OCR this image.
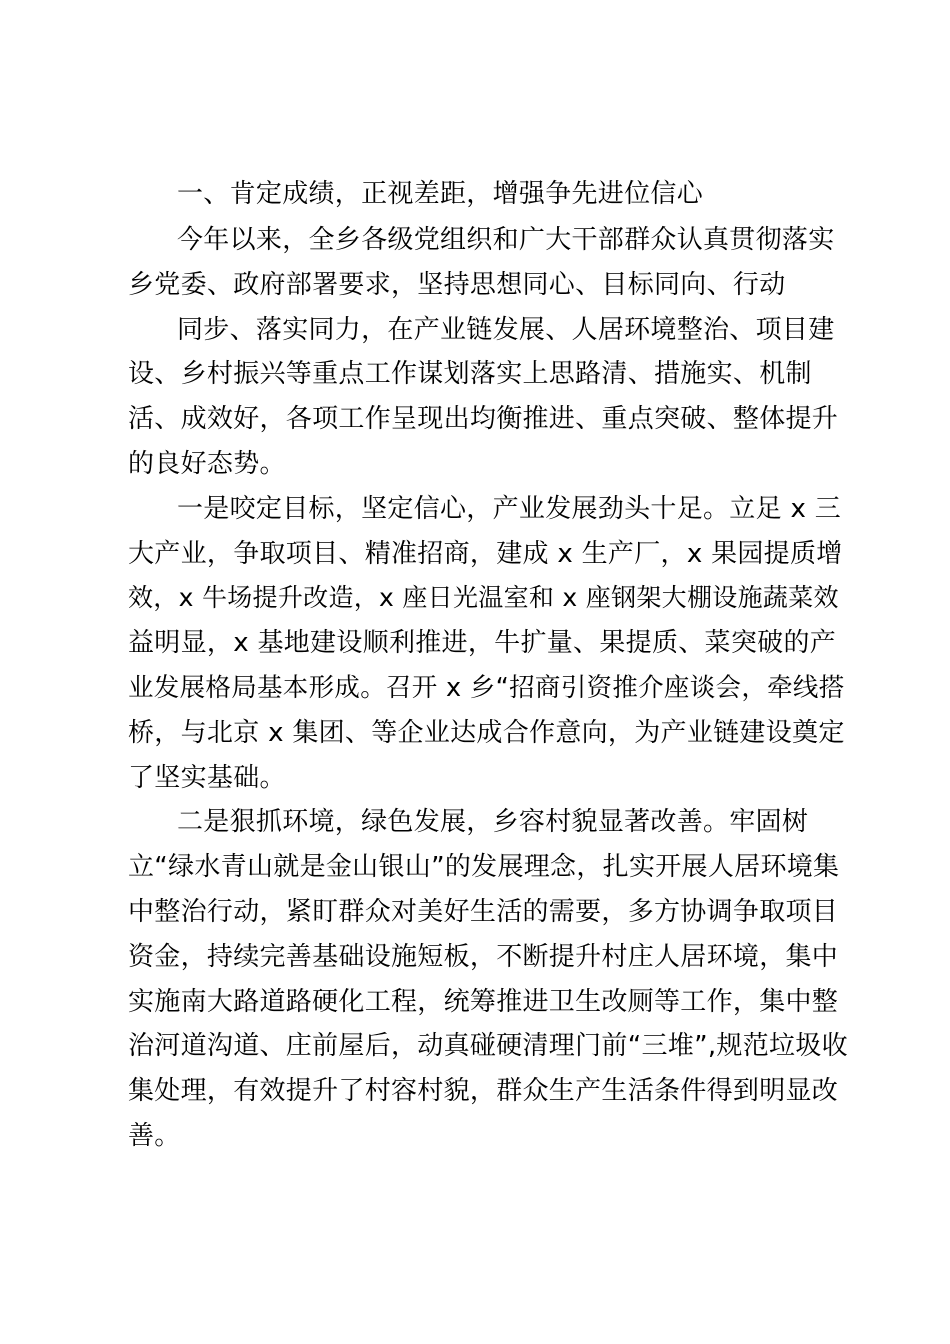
一、肯定成绩，正视差距，增强争先进位信心
今年以来，全乡各级党组织和广大干部群众认真贯彻落实
乡党委、政府部署要求，坚持思想同心、目标同向、行动
同步、落实同力，在产业链发展、人居环境整治、项目建
设、乡村振兴等重点工作谋划落实上思路清、措施实、机制
活、成效好，各项工作呈现出均衡推进、重点突破、整体提升
的良好态势。
一是咬定目标，坚定信心，产业发展劲头十足。立足 x 三
大产业，争取项目、精准招商，建成 x 生产厂，x 果园提质增
效，x 牛场提升改造，x 座日光温室和 x 座钢架大棚设施蔬菜效
益明显，x 基地建设顺利推进，牛扩量、果提质、菜突破的产
业发展格局基本形成。召开 x 乡“招商引资推介座谈会，牵线搭
桥，与北京 x 集团、等企业达成合作意向，为产业链建设奠定
了坚实基础。
二是狠抓环境，绿色发展，乡容村貌显著改善。牢固树
立“绿水青山就是金山银山”的发展理念，扎实开展人居环境集
中整治行动，紧盯群众对美好生活的需要，多方协调争取项目
资金，持续完善基础设施短板，不断提升村庄人居环境，集中
实施南大路道路硬化工程，统筹推进卫生改厕等工作，集中整
治河道沟道、庄前屋后，动真碰硬清理门前“三堆”,规范垃圾收
集处理，有效提升了村容村貌，群众生产生活条件得到明显改
善。
